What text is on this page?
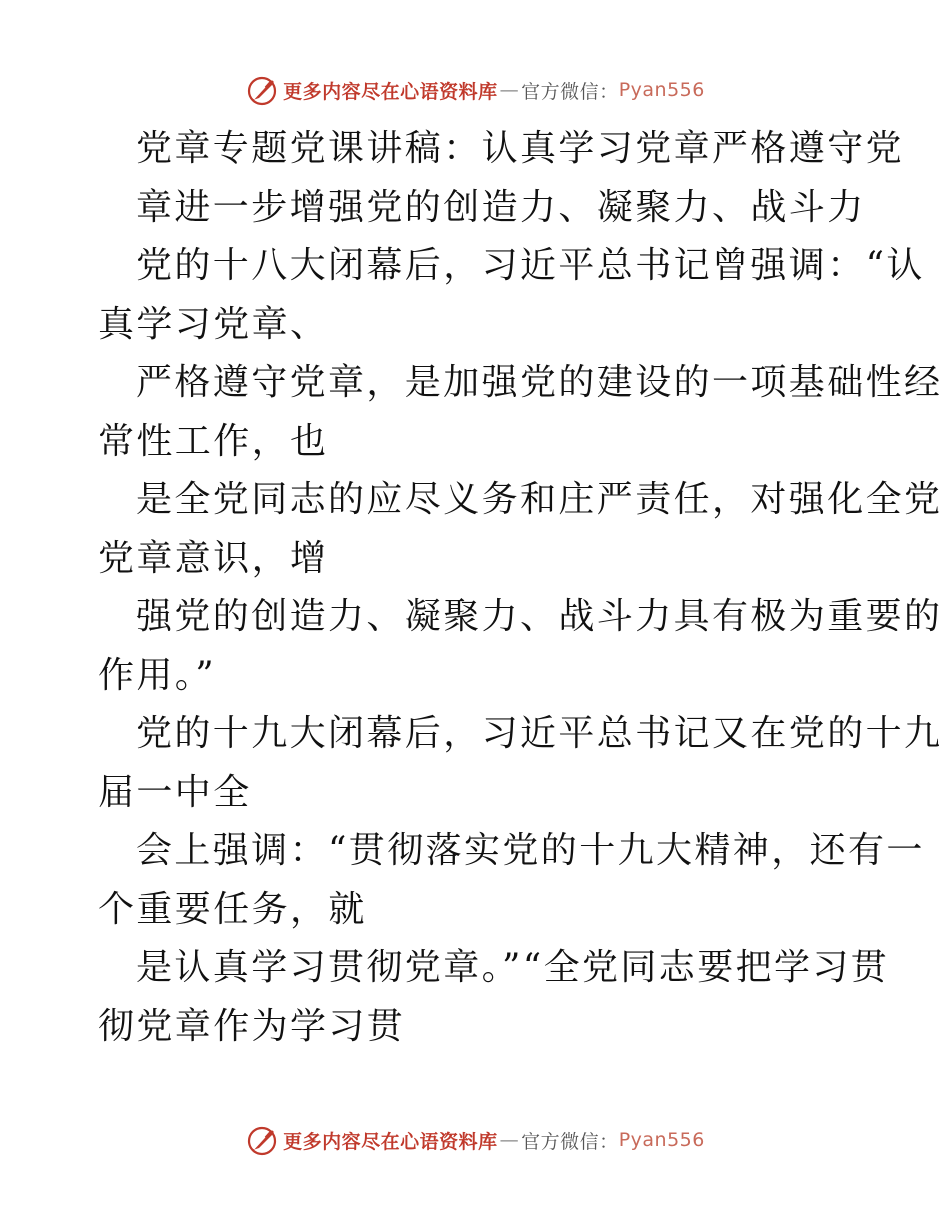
更多内容尽在心语资料库 — 官方微信： Pyan556
党章专题党课讲稿：认真学习党章严格遵守党
章进一步增强党的创造力、凝聚力、战斗力
党的十八大闭幕后，习近平总书记曾强调：“认
真学习党章、
严格遵守党章，是加强党的建设的一项基础性经
常性工作，也
是全党同志的应尽义务和庄严责任，对强化全党
党章意识，增
强党的创造力、凝聚力、战斗力具有极为重要的
作用。”
党的十九大闭幕后，习近平总书记又在党的十九
届一中全
会上强调：“贯彻落实党的十九大精神，还有一
个重要任务，就
是认真学习贯彻党章。”“全党同志要把学习贯
彻党章作为学习贯
更多内容尽在心语资料库 — 官方微信： Pyan556
